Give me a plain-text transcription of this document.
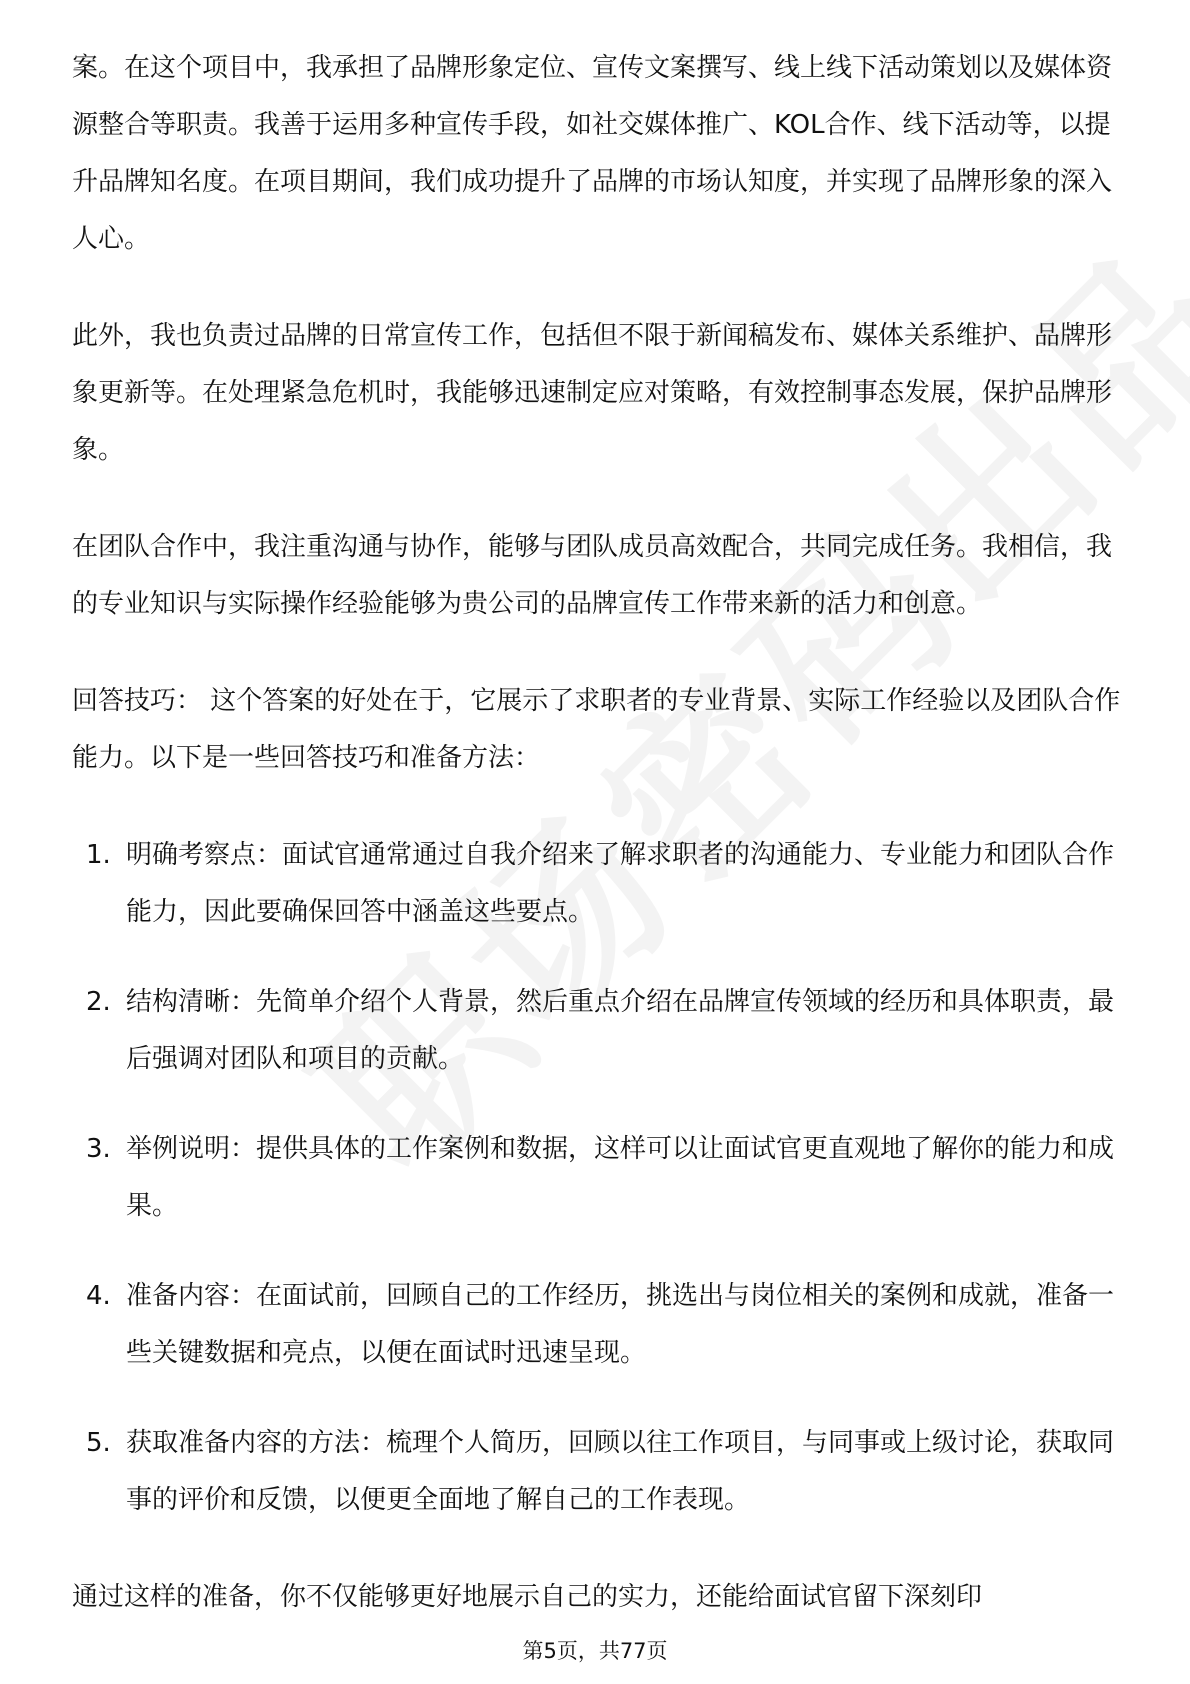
案。在这个项目中，我承担了品牌形象定位、宣传文案撰写、线上线下活动策划以及媒体资源整合等职责。我善于运用多种宣传手段，如社交媒体推广、KOL合作、线下活动等，以提升品牌知名度。在项目期间，我们成功提升了品牌的市场认知度，并实现了品牌形象的深入人心。

此外，我也负责过品牌的日常宣传工作，包括但不限于新闻稿发布、媒体关系维护、品牌形象更新等。在处理紧急危机时，我能够迅速制定应对策略，有效控制事态发展，保护品牌形象。

在团队合作中，我注重沟通与协作，能够与团队成员高效配合，共同完成任务。我相信，我的专业知识与实际操作经验能够为贵公司的品牌宣传工作带来新的活力和创意。

回答技巧： 这个答案的好处在于，它展示了求职者的专业背景、实际工作经验以及团队合作能力。以下是一些回答技巧和准备方法：

1. 明确考察点：面试官通常通过自我介绍来了解求职者的沟通能力、专业能力和团队合作能力，因此要确保回答中涵盖这些要点。
2. 结构清晰：先简单介绍个人背景，然后重点介绍在品牌宣传领域的经历和具体职责，最后强调对团队和项目的贡献。
3. 举例说明：提供具体的工作案例和数据，这样可以让面试官更直观地了解你的能力和成果。
4. 准备内容：在面试前，回顾自己的工作经历，挑选出与岗位相关的案例和成就，准备一些关键数据和亮点，以便在面试时迅速呈现。
5. 获取准备内容的方法：梳理个人简历，回顾以往工作项目，与同事或上级讨论，获取同事的评价和反馈，以便更全面地了解自己的工作表现。

通过这样的准备，你不仅能够更好地展示自己的实力，还能给面试官留下深刻印

第5页，共77页
